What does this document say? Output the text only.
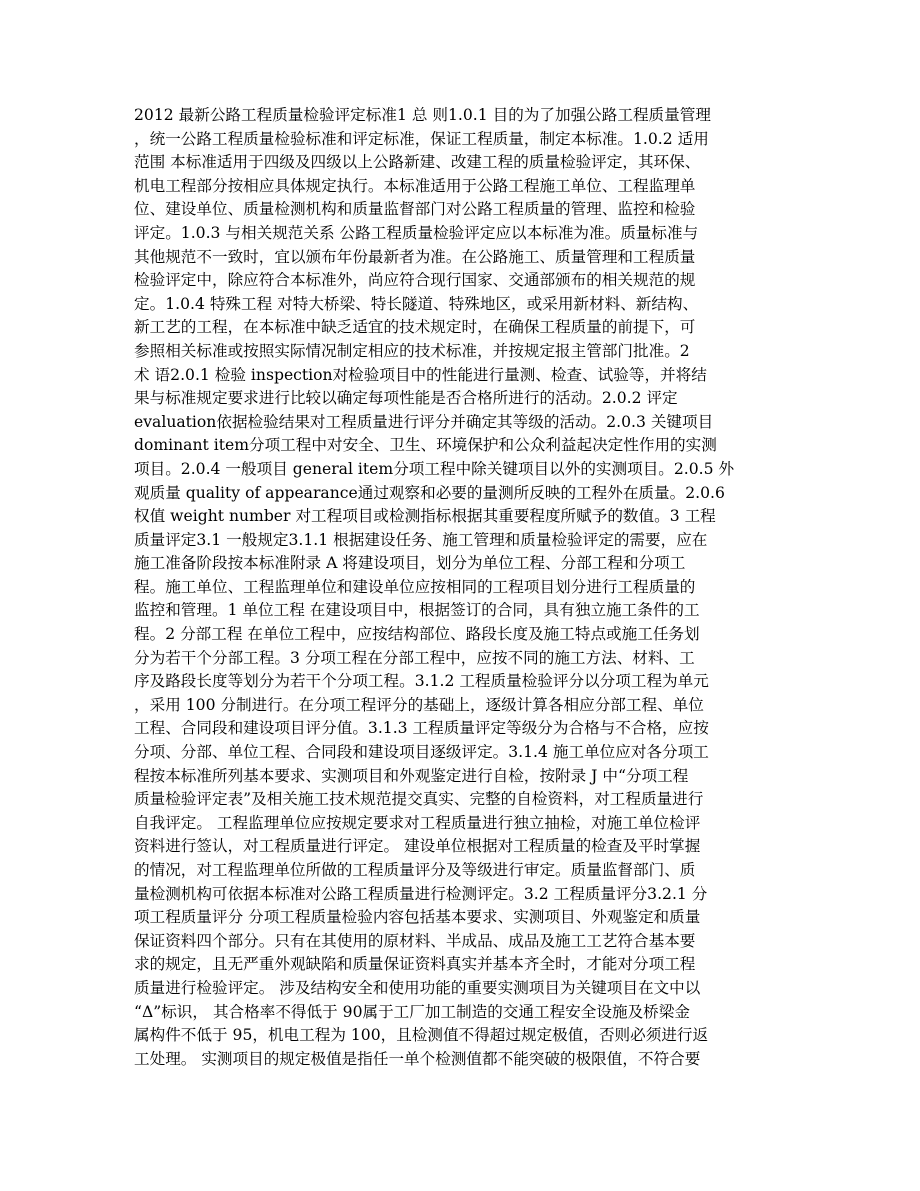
2012 最新公路工程质量检验评定标准1 总 则1.0.1 目的为了加强公路工程质量管理
，统一公路工程质量检验标准和评定标准，保证工程质量，制定本标准。1.0.2 适用
范围 本标准适用于四级及四级以上公路新建、改建工程的质量检验评定，其环保、
机电工程部分按相应具体规定执行。本标准适用于公路工程施工单位、工程监理单
位、建设单位、质量检测机构和质量监督部门对公路工程质量的管理、监控和检验
评定。1.0.3 与相关规范关系 公路工程质量检验评定应以本标准为准。质量标准与
其他规范不一致时，宜以颁布年份最新者为准。在公路施工、质量管理和工程质量
检验评定中，除应符合本标准外，尚应符合现行国家、交通部颁布的相关规范的规
定。1.0.4 特殊工程 对特大桥梁、特长隧道、特殊地区，或采用新材料、新结构、
新工艺的工程，在本标准中缺乏适宜的技术规定时，在确保工程质量的前提下，可
参照相关标准或按照实际情况制定相应的技术标准，并按规定报主管部门批准。2
术 语2.0.1 检验 inspection对检验项目中的性能进行量测、检查、试验等，并将结
果与标准规定要求进行比较以确定每项性能是否合格所进行的活动。2.0.2 评定
evaluation依据检验结果对工程质量进行评分并确定其等级的活动。2.0.3 关键项目
dominant item分项工程中对安全、卫生、环境保护和公众利益起决定性作用的实测
项目。2.0.4 一般项目 general item分项工程中除关键项目以外的实测项目。2.0.5 外
观质量 quality of appearance通过观察和必要的量测所反映的工程外在质量。2.0.6
权值 weight number 对工程项目或检测指标根据其重要程度所赋予的数值。3 工程
质量评定3.1 一般规定3.1.1 根据建设任务、施工管理和质量检验评定的需要，应在
施工准备阶段按本标准附录 A 将建设项目，划分为单位工程、分部工程和分项工
程。施工单位、工程监理单位和建设单位应按相同的工程项目划分进行工程质量的
监控和管理。1 单位工程 在建设项目中，根据签订的合同，具有独立施工条件的工
程。2 分部工程 在单位工程中，应按结构部位、路段长度及施工特点或施工任务划
分为若干个分部工程。3 分项工程在分部工程中，应按不同的施工方法、材料、工
序及路段长度等划分为若干个分项工程。3.1.2 工程质量检验评分以分项工程为单元
，采用 100 分制进行。在分项工程评分的基础上，逐级计算各相应分部工程、单位
工程、合同段和建设项目评分值。3.1.3 工程质量评定等级分为合格与不合格，应按
分项、分部、单位工程、合同段和建设项目逐级评定。3.1.4 施工单位应对各分项工
程按本标准所列基本要求、实测项目和外观鉴定进行自检，按附录 J 中“分项工程
质量检验评定表”及相关施工技术规范提交真实、完整的自检资料，对工程质量进行
自我评定。 工程监理单位应按规定要求对工程质量进行独立抽检，对施工单位检评
资料进行签认，对工程质量进行评定。 建设单位根据对工程质量的检查及平时掌握
的情况，对工程监理单位所做的工程质量评分及等级进行审定。质量监督部门、质
量检测机构可依据本标准对公路工程质量进行检测评定。3.2 工程质量评分3.2.1 分
项工程质量评分 分项工程质量检验内容包括基本要求、实测项目、外观鉴定和质量
保证资料四个部分。只有在其使用的原材料、半成品、成品及施工工艺符合基本要
求的规定，且无严重外观缺陷和质量保证资料真实并基本齐全时，才能对分项工程
质量进行检验评定。 涉及结构安全和使用功能的重要实测项目为关键项目在文中以
“Δ”标识， 其合格率不得低于 90属于工厂加工制造的交通工程安全设施及桥梁金
属构件不低于 95，机电工程为 100，且检测值不得超过规定极值，否则必须进行返
工处理。 实测项目的规定极值是指任一单个检测值都不能突破的极限值，不符合要
